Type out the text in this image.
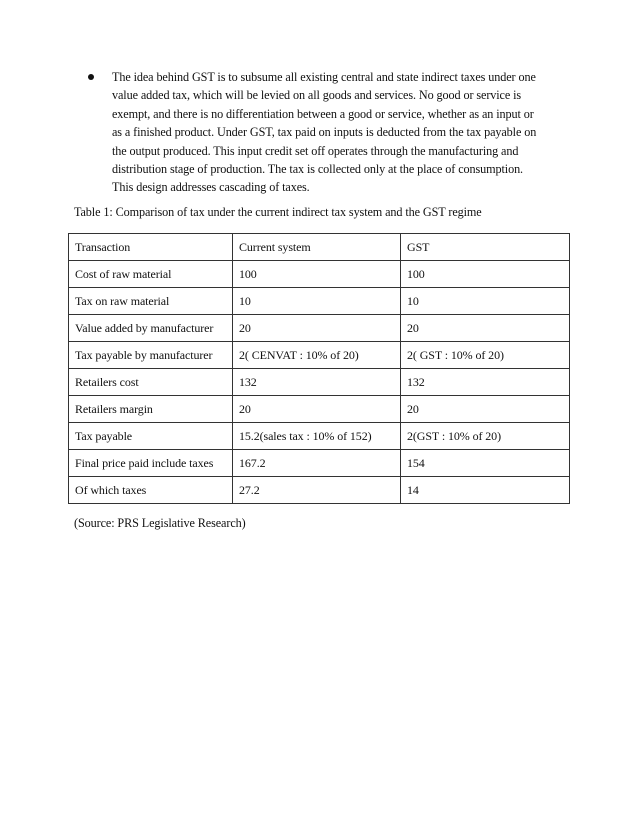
The idea behind GST is to subsume all existing central and state indirect taxes under one
value added tax, which will be levied on all goods and services. No good or service is
exempt, and there is no differentiation between a good or service, whether as an input or
as a finished product. Under GST, tax paid on inputs is deducted from the tax payable on
the output produced. This input credit set off operates through the manufacturing and
distribution stage of production. The tax is collected only at the place of consumption.
This design addresses cascading of taxes.
Table 1: Comparison of tax under the current indirect tax system and the GST regime
Transaction	Current system	GST
Cost of raw material	100	100
Tax on raw material	10	10
Value added by manufacturer	20	20
Tax payable by manufacturer	2( CENVAT : 10% of 20)	2( GST : 10% of 20)
Retailers cost	132	132
Retailers margin	20	20
Tax payable	15.2(sales tax : 10% of 152)	2(GST : 10% of 20)
Final price paid include taxes	167.2	154
Of which taxes	27.2	14
(Source: PRS Legislative Research)
